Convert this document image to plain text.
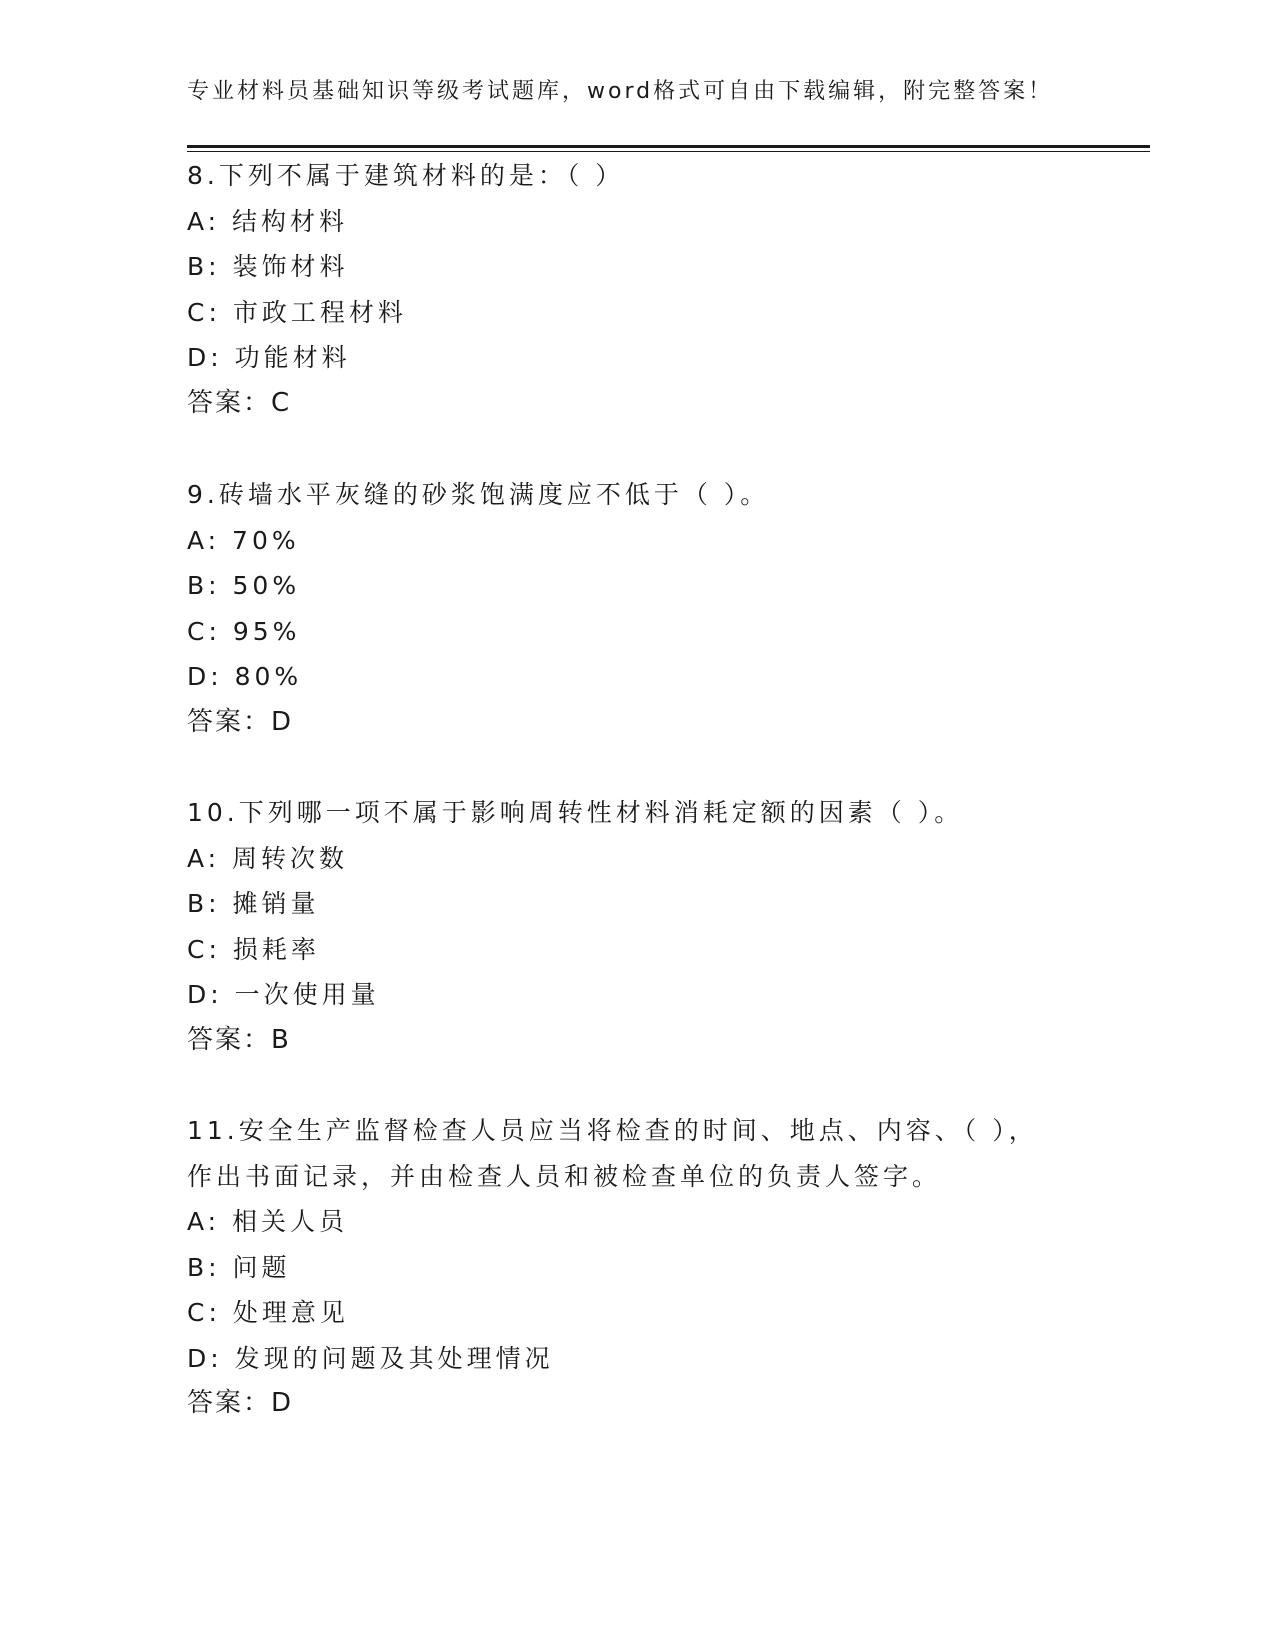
专业材料员基础知识等级考试题库，word格式可自由下载编辑，附完整答案！
8.下列不属于建筑材料的是：（ ）
A: 结构材料
B: 装饰材料
C: 市政工程材料
D: 功能材料
答案：C
9.砖墙水平灰缝的砂浆饱满度应不低于（ ）。
A: 70%
B: 50%
C: 95%
D: 80%
答案：D
10.下列哪一项不属于影响周转性材料消耗定额的因素（ ）。
A: 周转次数
B: 摊销量
C: 损耗率
D: 一次使用量
答案：B
11.安全生产监督检查人员应当将检查的时间、地点、内容、（ ），
作出书面记录，并由检查人员和被检查单位的负责人签字。
A: 相关人员
B: 问题
C: 处理意见
D: 发现的问题及其处理情况
答案：D
